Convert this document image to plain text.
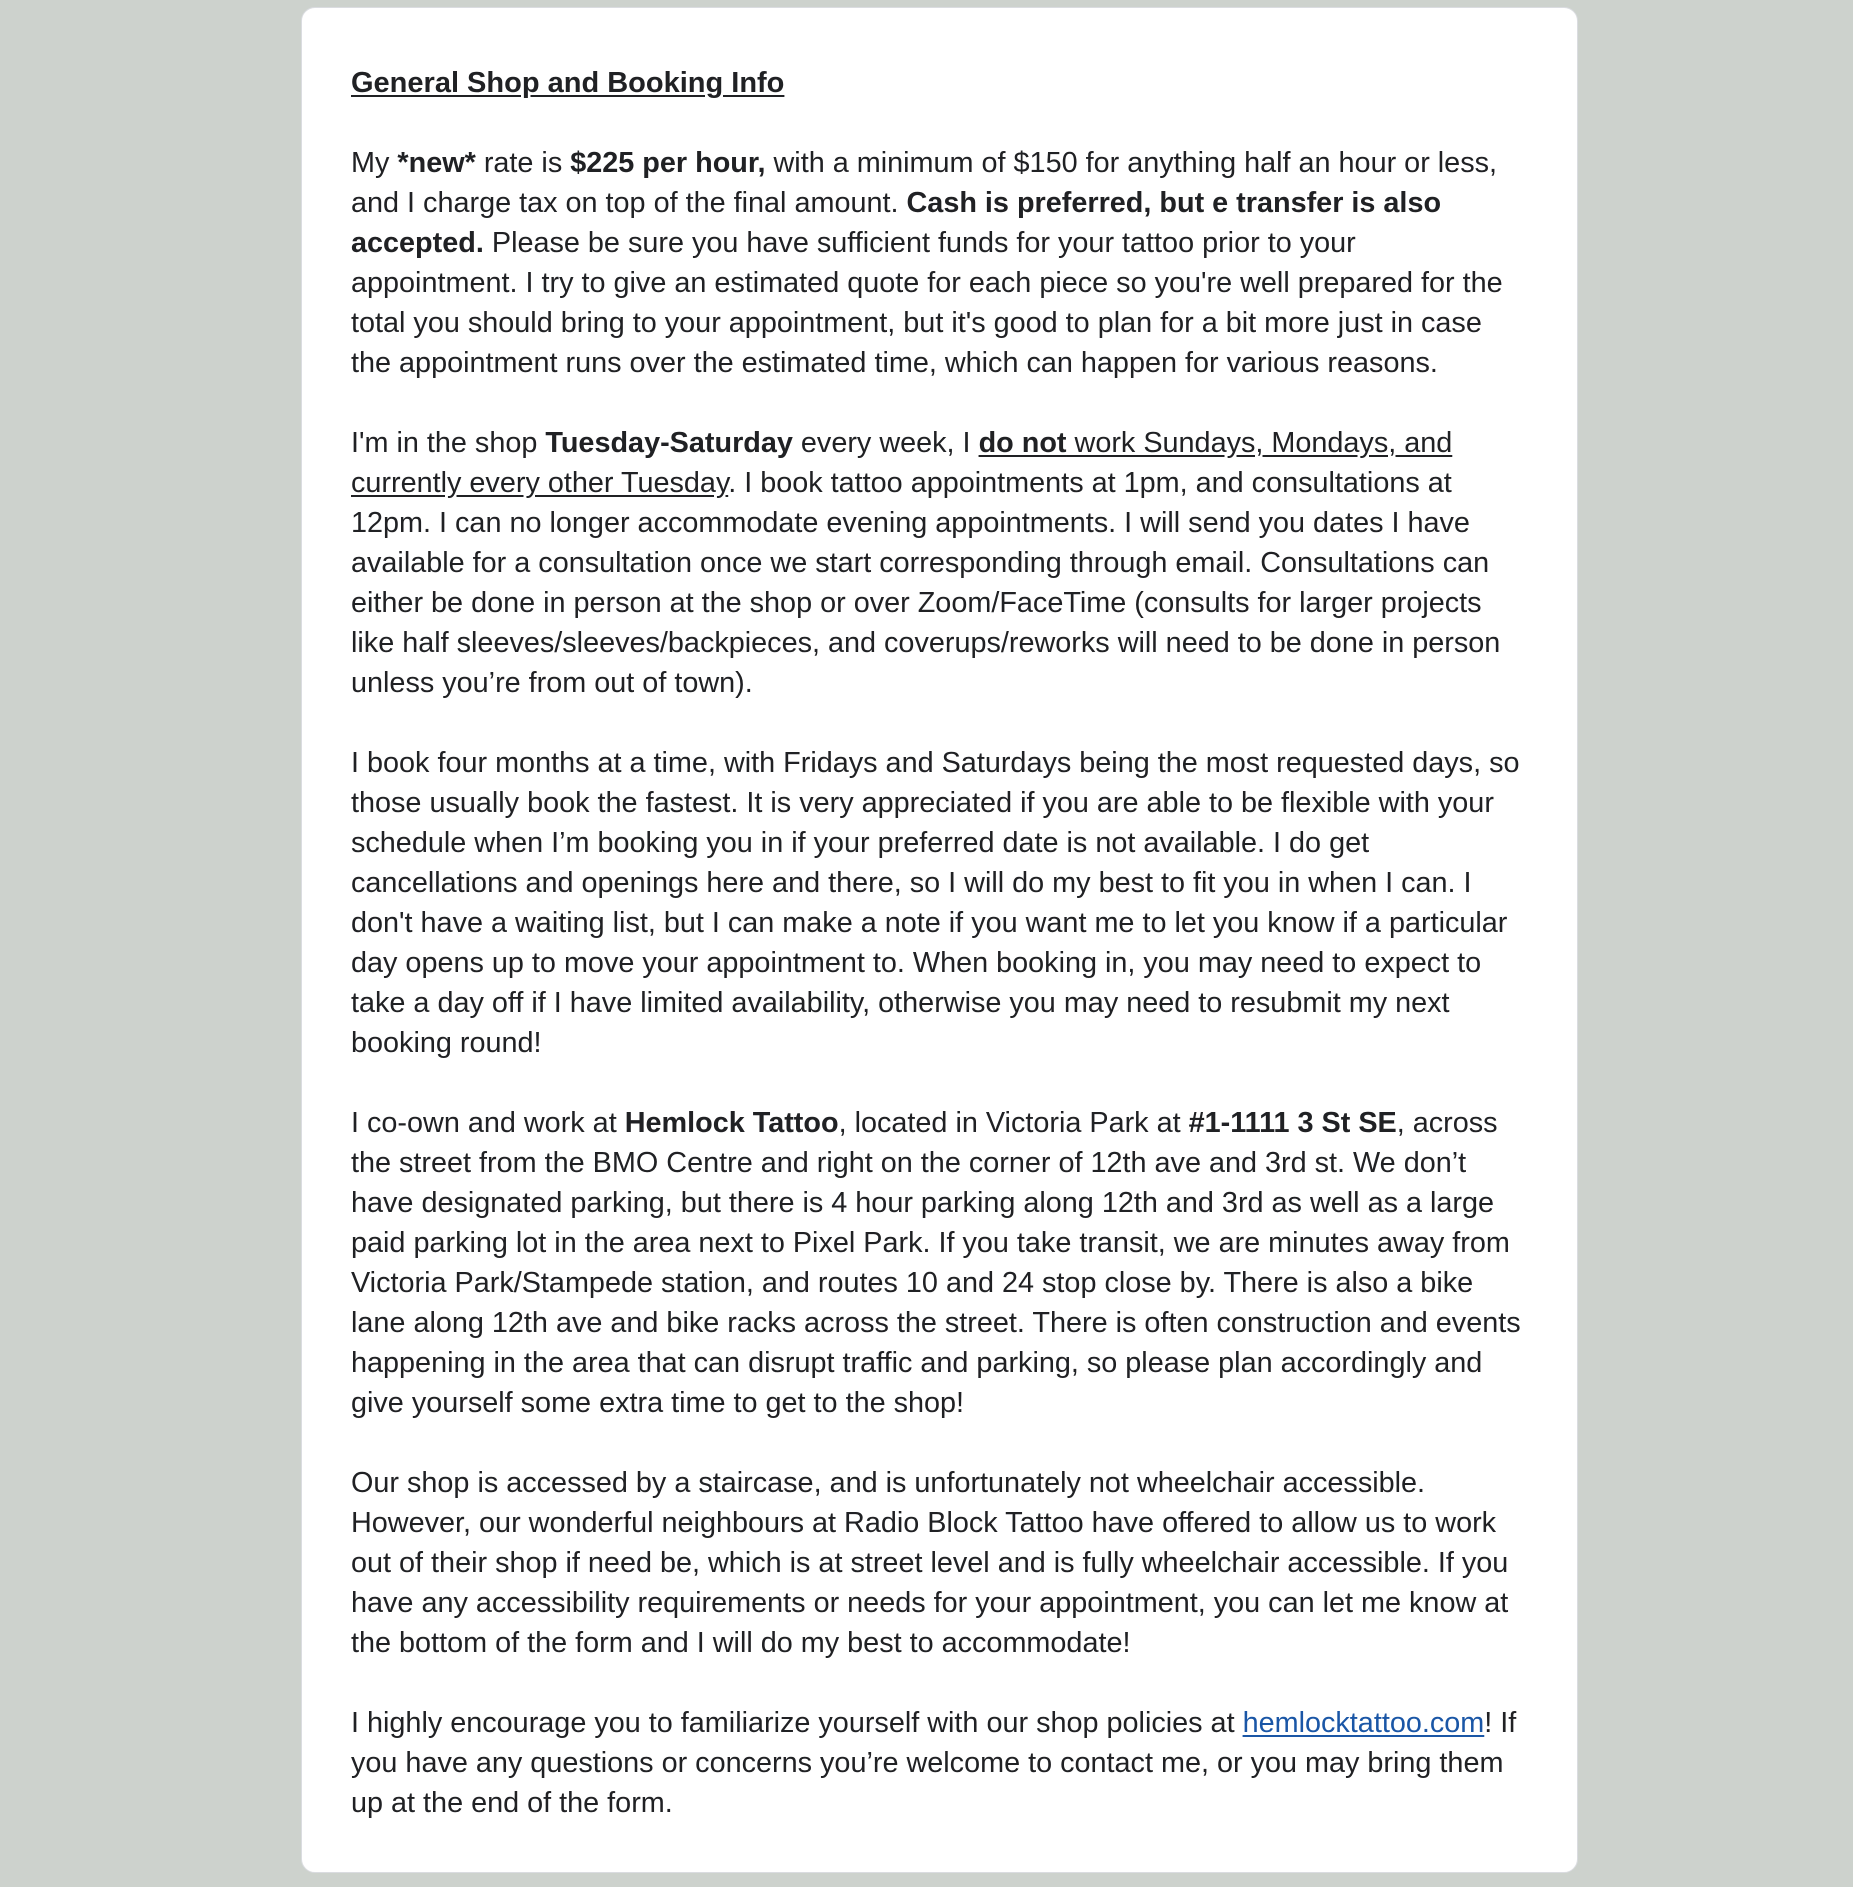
General Shop and Booking Info

My *new* rate is $225 per hour, with a minimum of $150 for anything half an hour or less, and I charge tax on top of the final amount. Cash is preferred, but e transfer is also accepted. Please be sure you have sufficient funds for your tattoo prior to your appointment. I try to give an estimated quote for each piece so you're well prepared for the total you should bring to your appointment, but it's good to plan for a bit more just in case the appointment runs over the estimated time, which can happen for various reasons.

I'm in the shop Tuesday-Saturday every week, I do not work Sundays, Mondays, and currently every other Tuesday. I book tattoo appointments at 1pm, and consultations at 12pm. I can no longer accommodate evening appointments. I will send you dates I have available for a consultation once we start corresponding through email. Consultations can either be done in person at the shop or over Zoom/FaceTime (consults for larger projects like half sleeves/sleeves/backpieces, and coverups/reworks will need to be done in person unless you’re from out of town).

I book four months at a time, with Fridays and Saturdays being the most requested days, so those usually book the fastest. It is very appreciated if you are able to be flexible with your schedule when I’m booking you in if your preferred date is not available. I do get cancellations and openings here and there, so I will do my best to fit you in when I can. I don't have a waiting list, but I can make a note if you want me to let you know if a particular day opens up to move your appointment to. When booking in, you may need to expect to take a day off if I have limited availability, otherwise you may need to resubmit my next booking round!

I co-own and work at Hemlock Tattoo, located in Victoria Park at #1-1111 3 St SE, across the street from the BMO Centre and right on the corner of 12th ave and 3rd st. We don’t have designated parking, but there is 4 hour parking along 12th and 3rd as well as a large paid parking lot in the area next to Pixel Park. If you take transit, we are minutes away from Victoria Park/Stampede station, and routes 10 and 24 stop close by. There is also a bike lane along 12th ave and bike racks across the street. There is often construction and events happening in the area that can disrupt traffic and parking, so please plan accordingly and give yourself some extra time to get to the shop!

Our shop is accessed by a staircase, and is unfortunately not wheelchair accessible. However, our wonderful neighbours at Radio Block Tattoo have offered to allow us to work out of their shop if need be, which is at street level and is fully wheelchair accessible. If you have any accessibility requirements or needs for your appointment, you can let me know at the bottom of the form and I will do my best to accommodate!

I highly encourage you to familiarize yourself with our shop policies at hemlocktattoo.com! If you have any questions or concerns you’re welcome to contact me, or you may bring them up at the end of the form.
